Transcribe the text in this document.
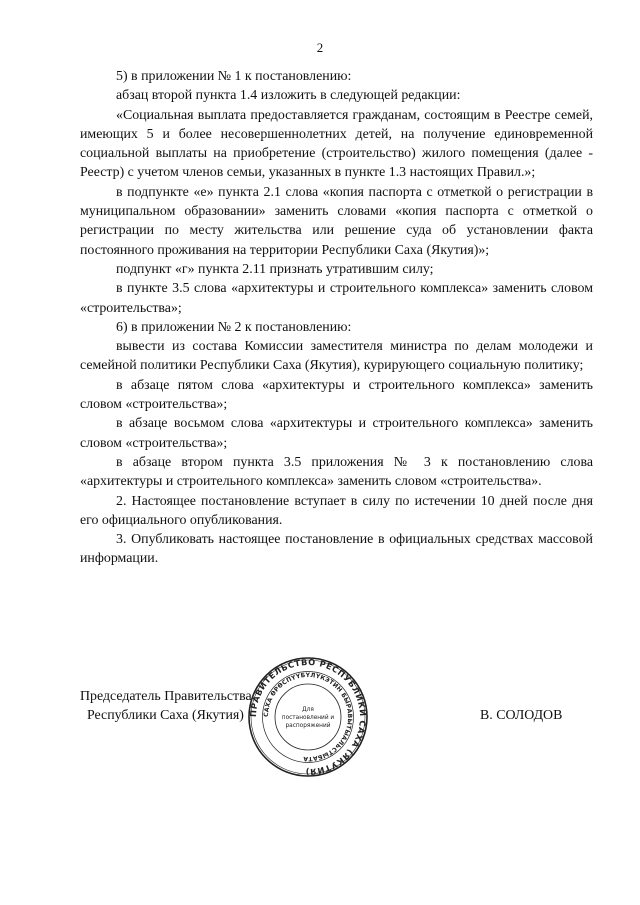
2

5) в приложении № 1 к постановлению:

абзац второй пункта 1.4 изложить в следующей редакции:

«Социальная выплата предоставляется гражданам, состоящим в Реестре семей, имеющих 5 и более несовершеннолетних детей, на получение единовременной социальной выплаты на приобретение (строительство) жилого помещения (далее - Реестр) с учетом членов семьи, указанных в пункте 1.3 настоящих Правил.»;

в подпункте «е» пункта 2.1 слова «копия паспорта с отметкой о регистрации в муниципальном образовании» заменить словами «копия паспорта с отметкой о регистрации по месту жительства или решение суда об установлении факта постоянного проживания на территории Республики Саха (Якутия)»;

подпункт «г» пункта 2.11 признать утратившим силу;

в пункте 3.5 слова «архитектуры и строительного комплекса» заменить словом «строительства»;

6) в приложении № 2 к постановлению:

вывести из состава Комиссии заместителя министра по делам молодежи и семейной политики Республики Саха (Якутия), курирующего социальную политику;

в абзаце пятом слова «архитектуры и строительного комплекса» заменить словом «строительства»;

в абзаце восьмом слова «архитектуры и строительного комплекса» заменить словом «строительства»;

в абзаце втором пункта 3.5 приложения № 3 к постановлению слова «архитектуры и строительного комплекса» заменить словом «строительства».

2. Настоящее постановление вступает в силу по истечении 10 дней после дня его официального опубликования.

3. Опубликовать настоящее постановление в официальных средствах массовой информации.

Председатель Правительства
Республики Саха (Якутия)	В. СОЛОДОВ
ПРАВИТЕЛЬСТВО РЕСПУБЛИКИ САХА (ЯКУТИЯ)
САХА ӨРӨСПҮҮБҮЛҮКЭТИН БЫРАВЫТЫАЛЬСТЫБАТА
Для
постановлений и
распоряжений
